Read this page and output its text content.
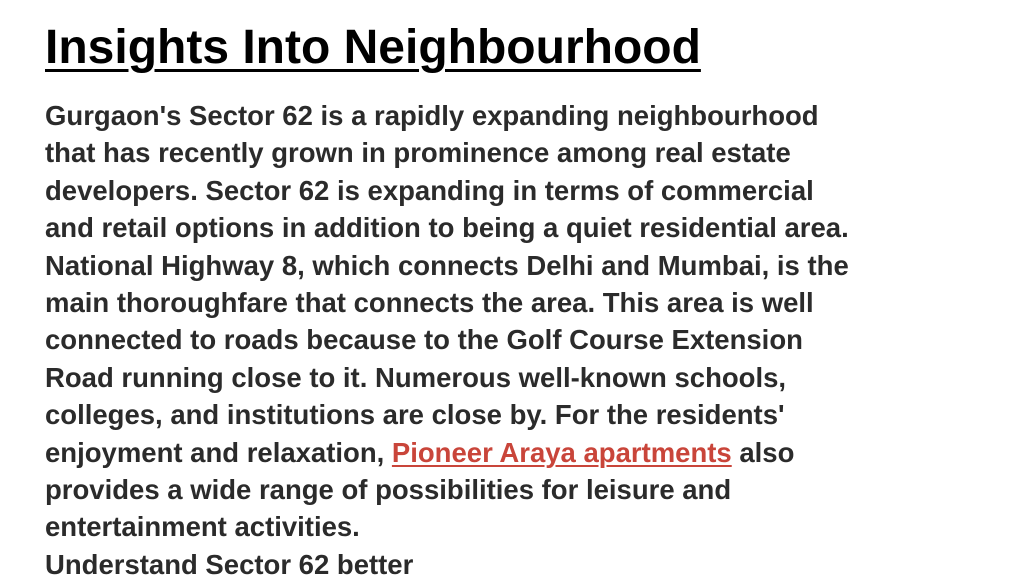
Insights Into Neighbourhood
Gurgaon's Sector 62 is a rapidly expanding neighbourhood
that has recently grown in prominence among real estate
developers. Sector 62 is expanding in terms of commercial
and retail options in addition to being a quiet residential area.
National Highway 8, which connects Delhi and Mumbai, is the
main thoroughfare that connects the area. This area is well
connected to roads because to the Golf Course Extension
Road running close to it. Numerous well-known schools,
colleges, and institutions are close by. For the residents'
enjoyment and relaxation, Pioneer Araya apartments also
provides a wide range of possibilities for leisure and
entertainment activities.
Understand Sector 62 better
